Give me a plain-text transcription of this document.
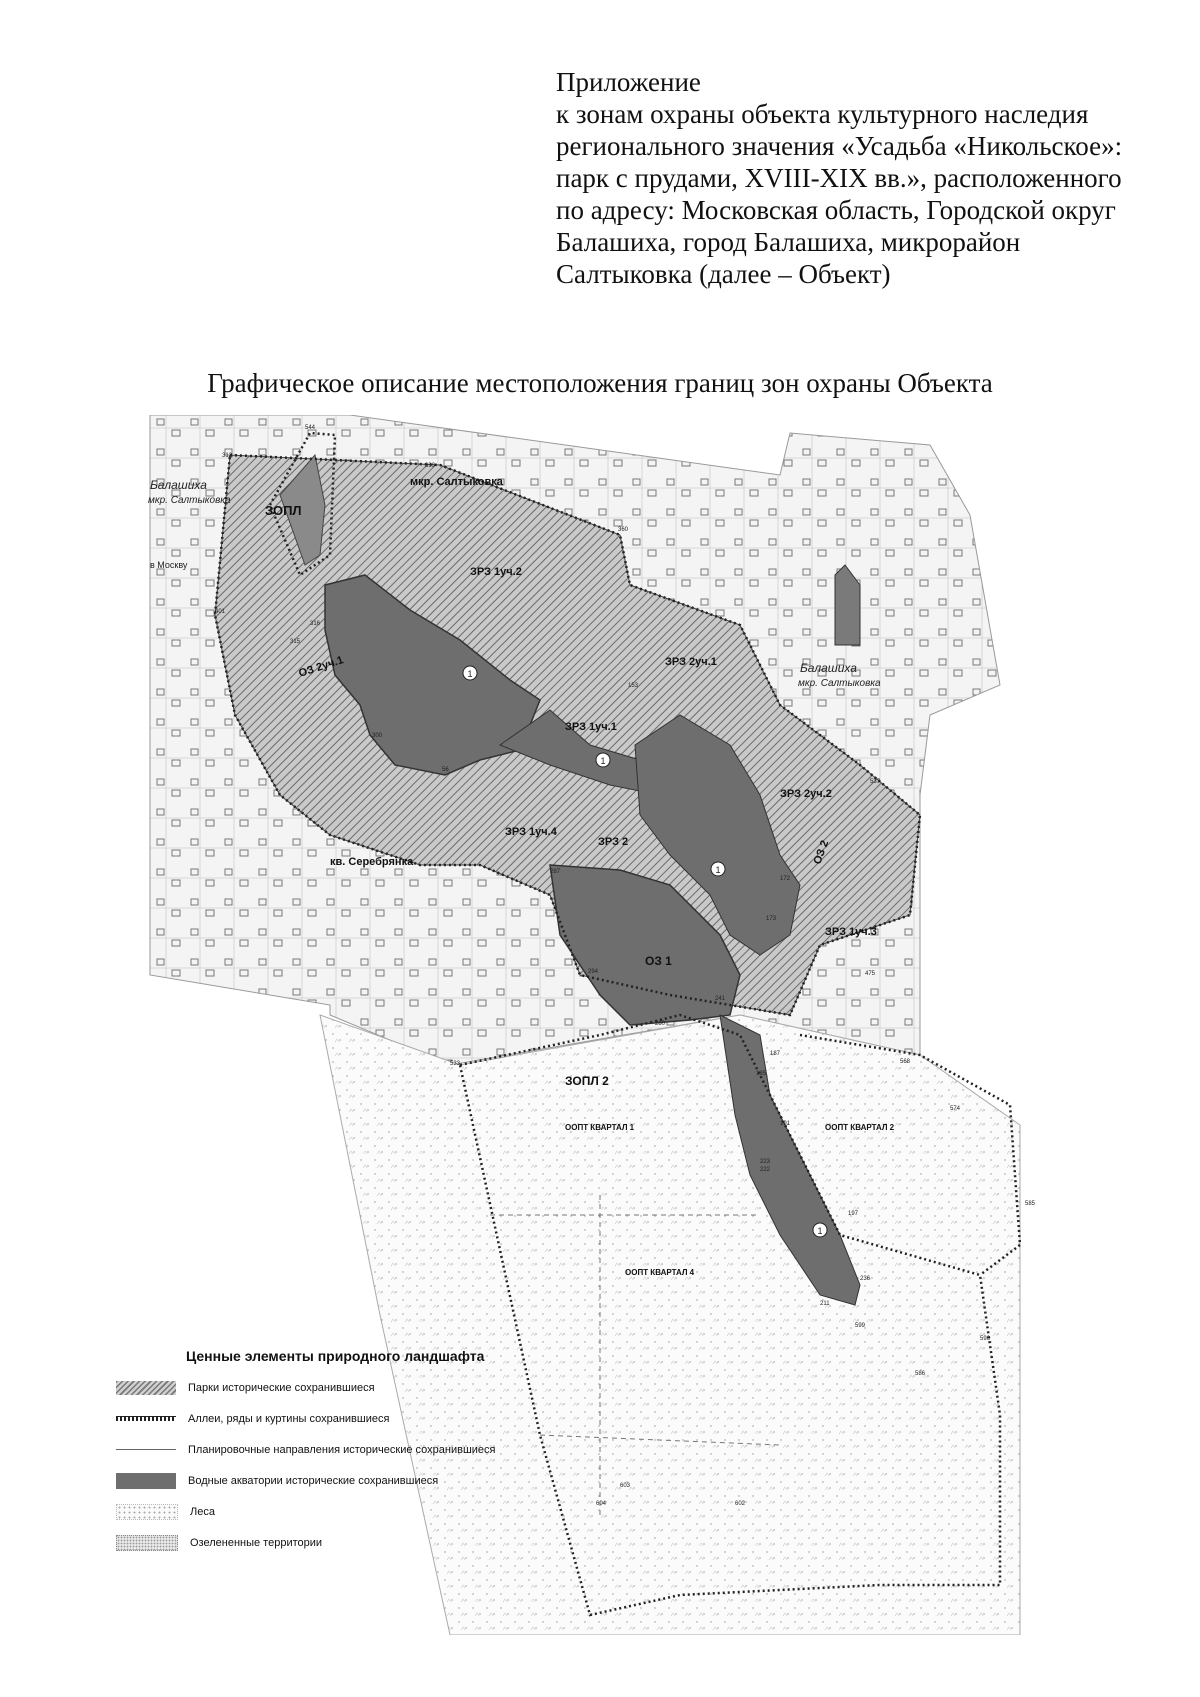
Приложение
к зонам охраны объекта культурного наследия
регионального значения «Усадьба «Никольское»:
парк с прудами, XVIII-XIX вв.», расположенного
по адресу: Московская область, Городской округ
Балашиха, город Балашиха, микрорайон
Салтыковка (далее – Объект)
Графическое описание местоположения границ зон охраны Объекта
мкр. Салтыковка
кв. Серебрянка
Балашиха
мкр. Салтыковка
Балашиха
мкр. Салтыковка
в Москву
ЗОПЛ
ЗРЗ 1уч.2
ОЗ 2уч.1	ЗРЗ 2уч.1
ЗРЗ 1уч.1
ЗРЗ 2уч.2
ЗРЗ 1уч.4
ЗРЗ 2	ОЗ 2
ЗРЗ 1уч.3
ОЗ 1
ЗОПЛ 2
ООПТ КВАРТАЛ 1	ООПТ КВАРТАЛ 2
ООПТ КВАРТАЛ 4
1
1
1
1
544
312
339
360
401
316
315
300
56
153
172
173
287
294
280
241
187
185
191
223
222
197
236
211
599
596
586
568
574
585
603
604	602
533
537
475
Ценные элементы природного ландшафта
Парки исторические сохранившиеся
Аллеи, ряды и куртины сохранившиеся
Планировочные направления исторические сохранившиеся
Водные акватории исторические сохранившиеся
Леса
Озелененные территории
